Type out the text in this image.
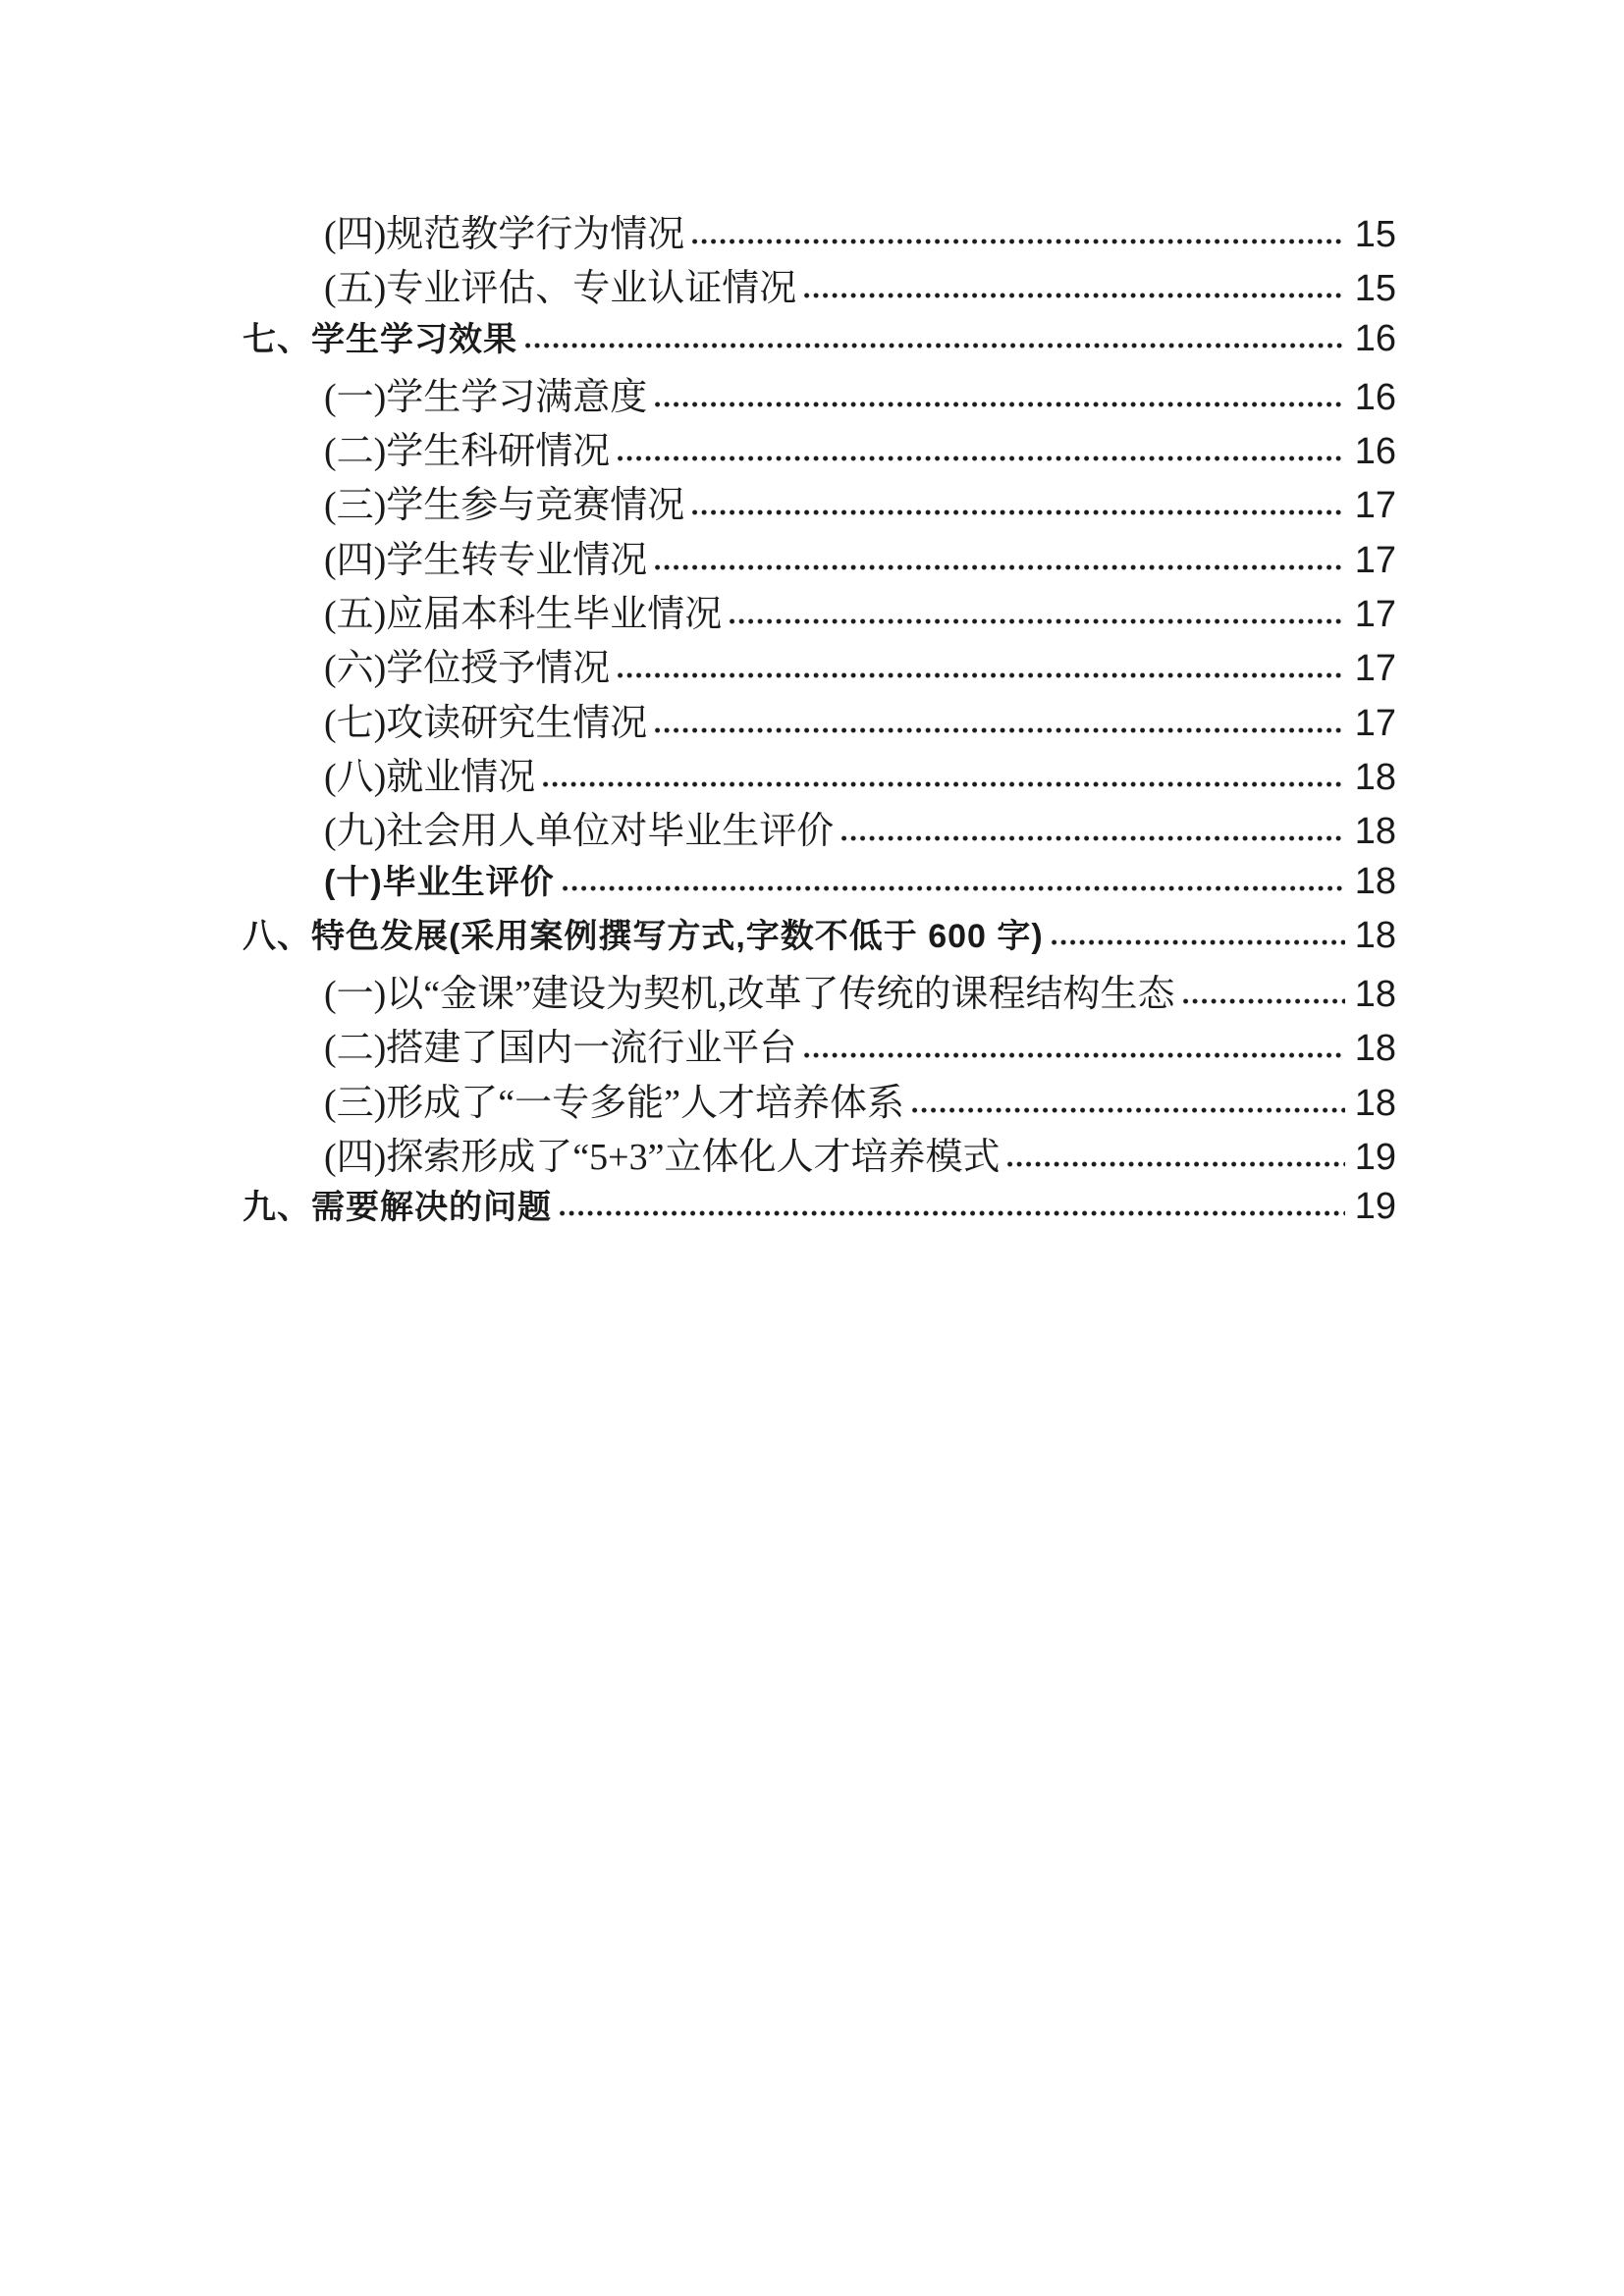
(四)规范教学行为情况	15
(五)专业评估、专业认证情况	15
七、学生学习效果	16
(一)学生学习满意度	16
(二)学生科研情况	16
(三)学生参与竞赛情况	17
(四)学生转专业情况	17
(五)应届本科生毕业情况	17
(六)学位授予情况	17
(七)攻读研究生情况	17
(八)就业情况	18
(九)社会用人单位对毕业生评价	18
(十)毕业生评价	18
八、特色发展(采用案例撰写方式,字数不低于 600 字)	18
(一)以“金课”建设为契机,改革了传统的课程结构生态	18
(二)搭建了国内一流行业平台	18
(三)形成了“一专多能”人才培养体系	18
(四)探索形成了“5+3”立体化人才培养模式	19
九、需要解决的问题	19
